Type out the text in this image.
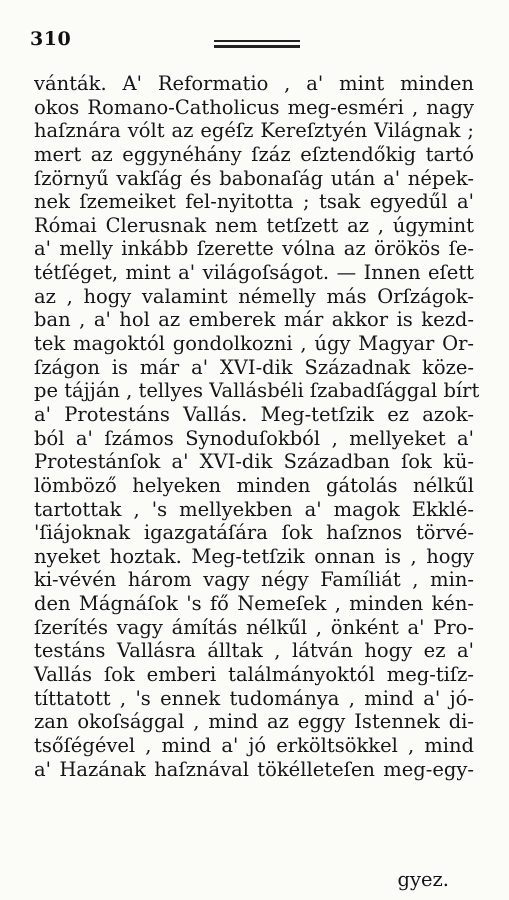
310
vánták. A' Reformatio , a' mint minden
okos Romano-Catholicus meg-esméri , nagy
haſznára vólt az egéſz Kereſztyén Világnak ;
mert az eggynéhány ſzáz eſztendőkig tartó
ſzörnyű vakſág és babonaſág után a' népek-
nek ſzemeiket fel-nyitotta ; tsak egyedűl a'
Római Clerusnak nem tetſzett az , úgymint
a' melly inkább ſzerette vólna az örökös ſe-
tétſéget, mint a' világoſságot. — Innen eſett
az , hogy valamint némelly más Orſzágok-
ban , a' hol az emberek már akkor is kezd-
tek magoktól gondolkozni , úgy Magyar Or-
ſzágon is már a' XVI-dik Századnak köze-
pe tájján , tellyes Vallásbéli ſzabadſággal bírt
a' Protestáns Vallás. Meg-tetſzik ez azok-
ból a' ſzámos Synoduſokból , mellyeket a'
Protestánſok a' XVI-dik Században ſok kü-
lömböző helyeken minden gátolás nélkűl
tartottak , 's mellyekben a' magok Ekklé-
'ſiájoknak igazgatáſára ſok haſznos törvé-
nyeket hoztak. Meg-tetſzik onnan is , hogy
ki-vévén három vagy négy Famíliát , min-
den Mágnáſok 's fő Nemeſek , minden kén-
ſzerítés vagy ámítás nélkűl , önként a' Pro-
testáns Vallásra álltak , látván hogy ez a'
Vallás ſok emberi találmányoktól meg-tiſz-
títtatott , 's ennek tudománya , mind a' jó-
zan okoſsággal , mind az eggy Istennek di-
tsőſégével , mind a' jó erköltsökkel , mind
a' Hazának haſznával tökélleteſen meg-egy-
gyez.
